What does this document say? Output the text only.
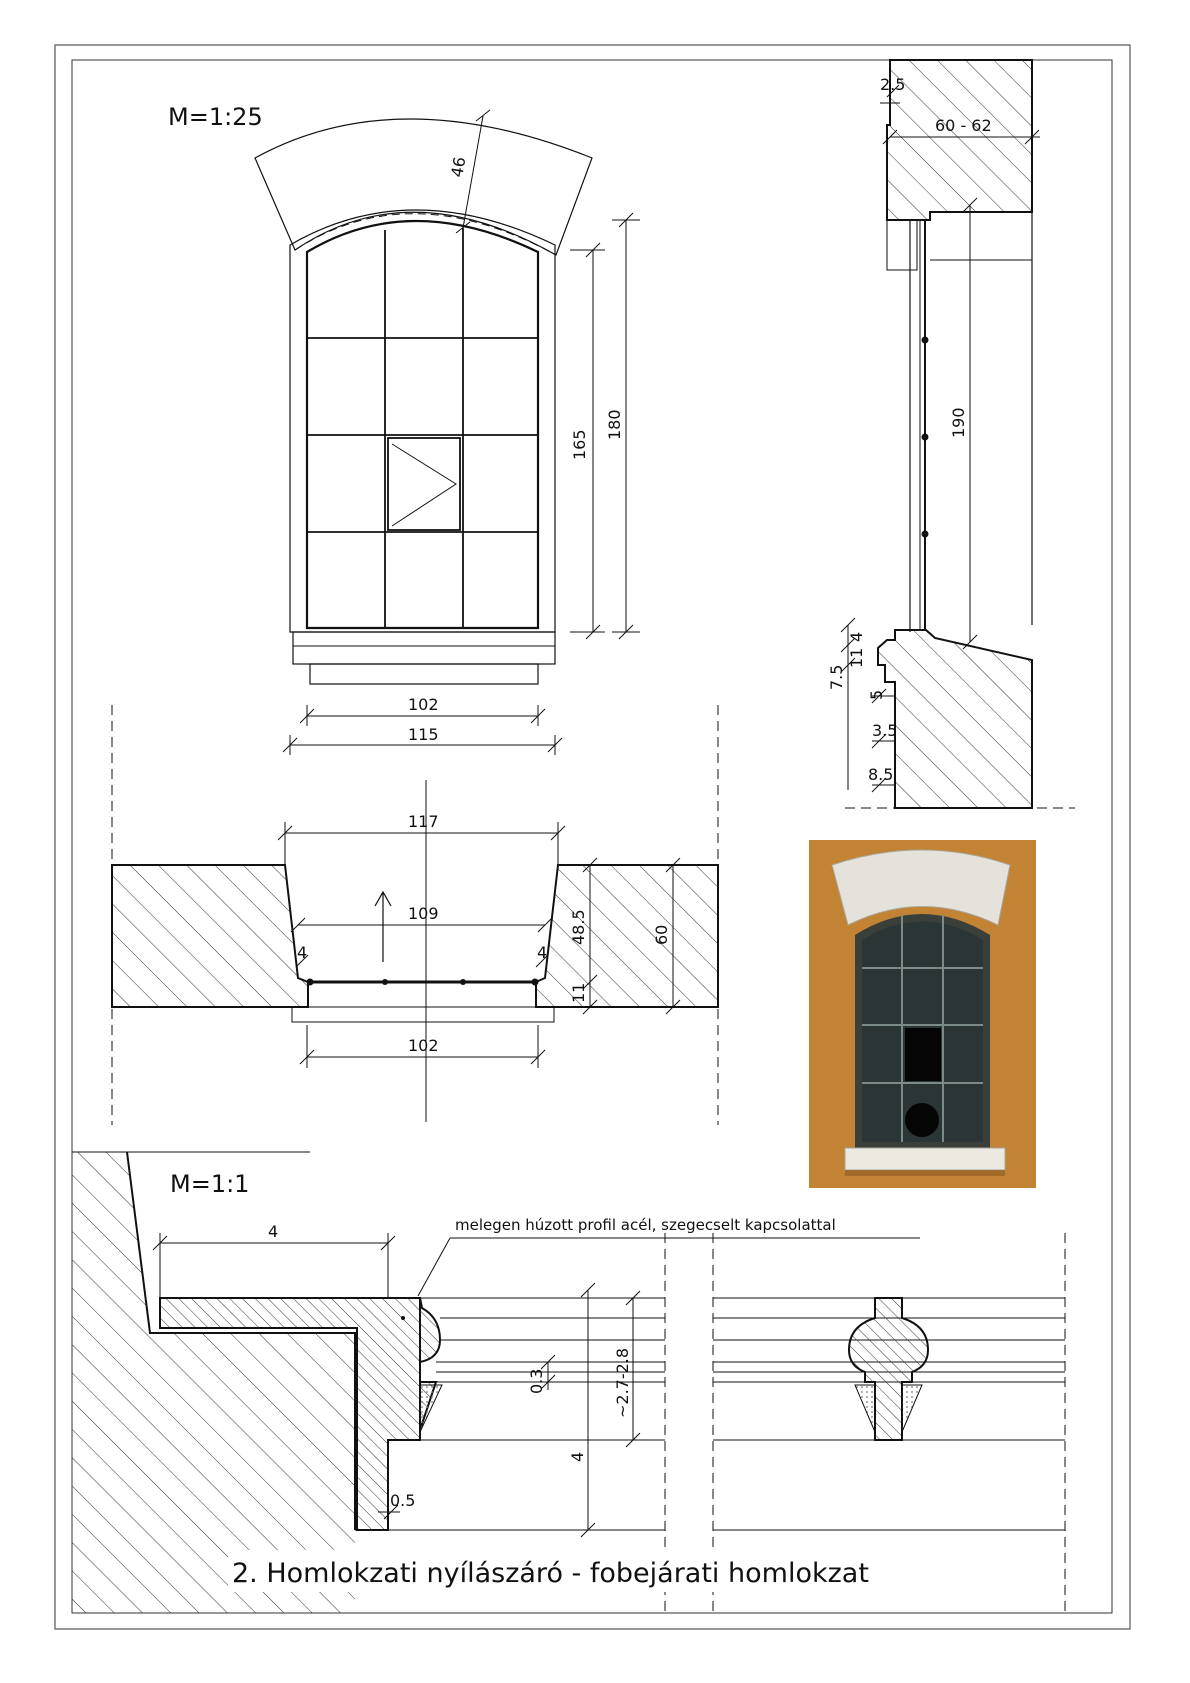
M=1:25
46
165
180
102
115
117
109	48.5	60
11
4	4
102
2.5
60 - 62
190
4
11
7.5
5
3.5
8.5
M=1:1
melegen húzott profil acél, szegecselt kapcsolattal
4
0.3	~2.7-2.8
4
0.5
2. Homlokzati nyílászáró - fobejárati homlokzat
